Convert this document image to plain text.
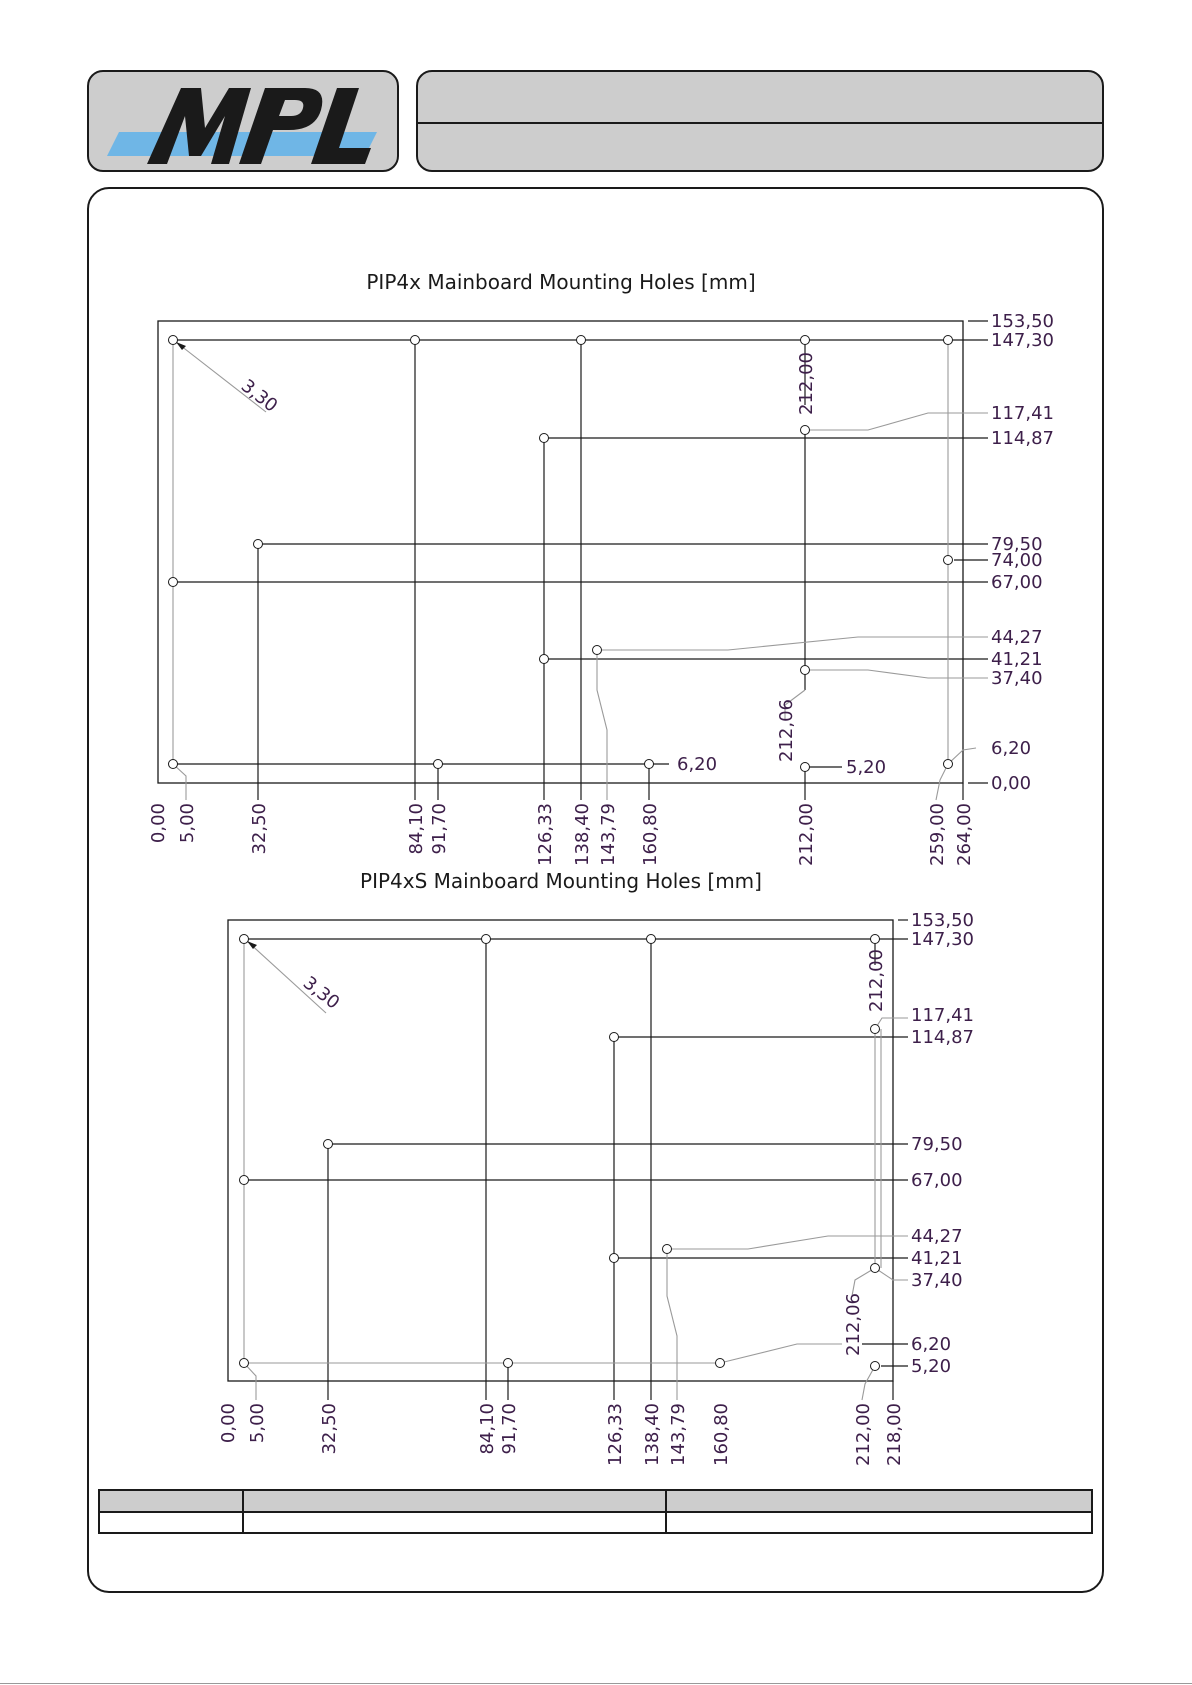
PIP4x Mainboard Mounting Holes [mm]
3,30
153,50
147,30
117,41
114,87
79,50
74,00
67,00
44,27
41,21
37,40
6,20
0,00
0,00 5,00	32,50	84,10 91,70	126,33 138,40 143,79 160,80	212,00	259,00 264,00
212,00
212,06
6,20	5,20
PIP4xS Mainboard Mounting Holes [mm]
3,30
153,50
147,30
117,41
114,87
79,50
67,00
44,27
41,21
37,40
6,20
5,20
0,00 5,00	32,50	84,10 91,70	126,33 138,40 143,79 160,80	212,00 218,00
212,00
212,06
